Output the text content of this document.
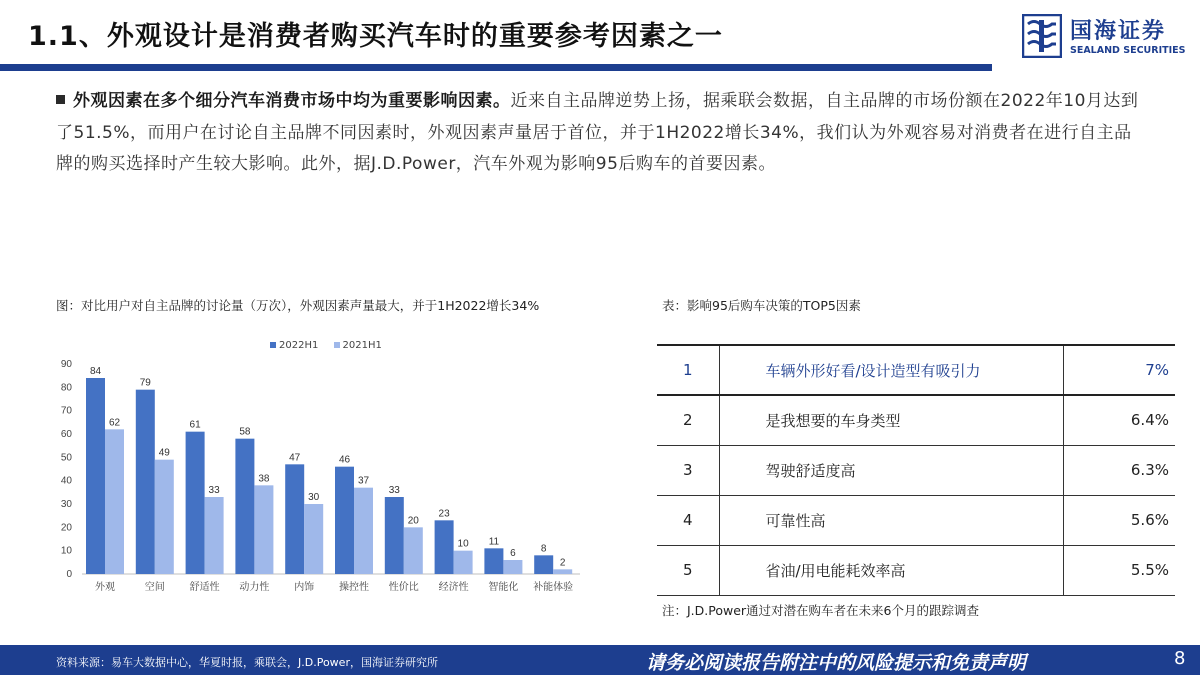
1.1、外观设计是消费者购买汽车时的重要参考因素之一	国海证券
SEALAND SECURITIES
外观因素在多个细分汽车消费市场中均为重要影响因素。近来自主品牌逆势上扬，据乘联会数据，自主品牌的市场份额在2022年10月达到了51.5%，而用户在讨论自主品牌不同因素时，外观因素声量居于首位，并于1H2022增长34%，我们认为外观容易对消费者在进行自主品牌的购买选择时产生较大影响。此外，据J.D.Power，汽车外观为影响95后购车的首要因素。
图：对比用户对自主品牌的讨论量（万次），外观因素声量最大，并于1H2022增长34%	表：影响95后购车决策的TOP5因素
2022H1 2021H1
0
10
20
30
40
50
60
70
80
90
84
62
外观
79
49
空间
61
33
舒适性
58
38
动力性
47
30
内饰
46
37
操控性
33
20
性价比
23
10
经济性
11
6
智能化
8
2
补能体验
1	车辆外形好看/设计造型有吸引力	7%
2	是我想要的车身类型	6.4%
3	驾驶舒适度高	6.3%
4	可靠性高	5.6%
5	省油/用电能耗效率高	5.5%
注：J.D.Power通过对潜在购车者在未来6个月的跟踪调查
资料来源：易车大数据中心，华夏时报，乘联会，J.D.Power，国海证券研究所	请务必阅读报告附注中的风险提示和免责声明	8
